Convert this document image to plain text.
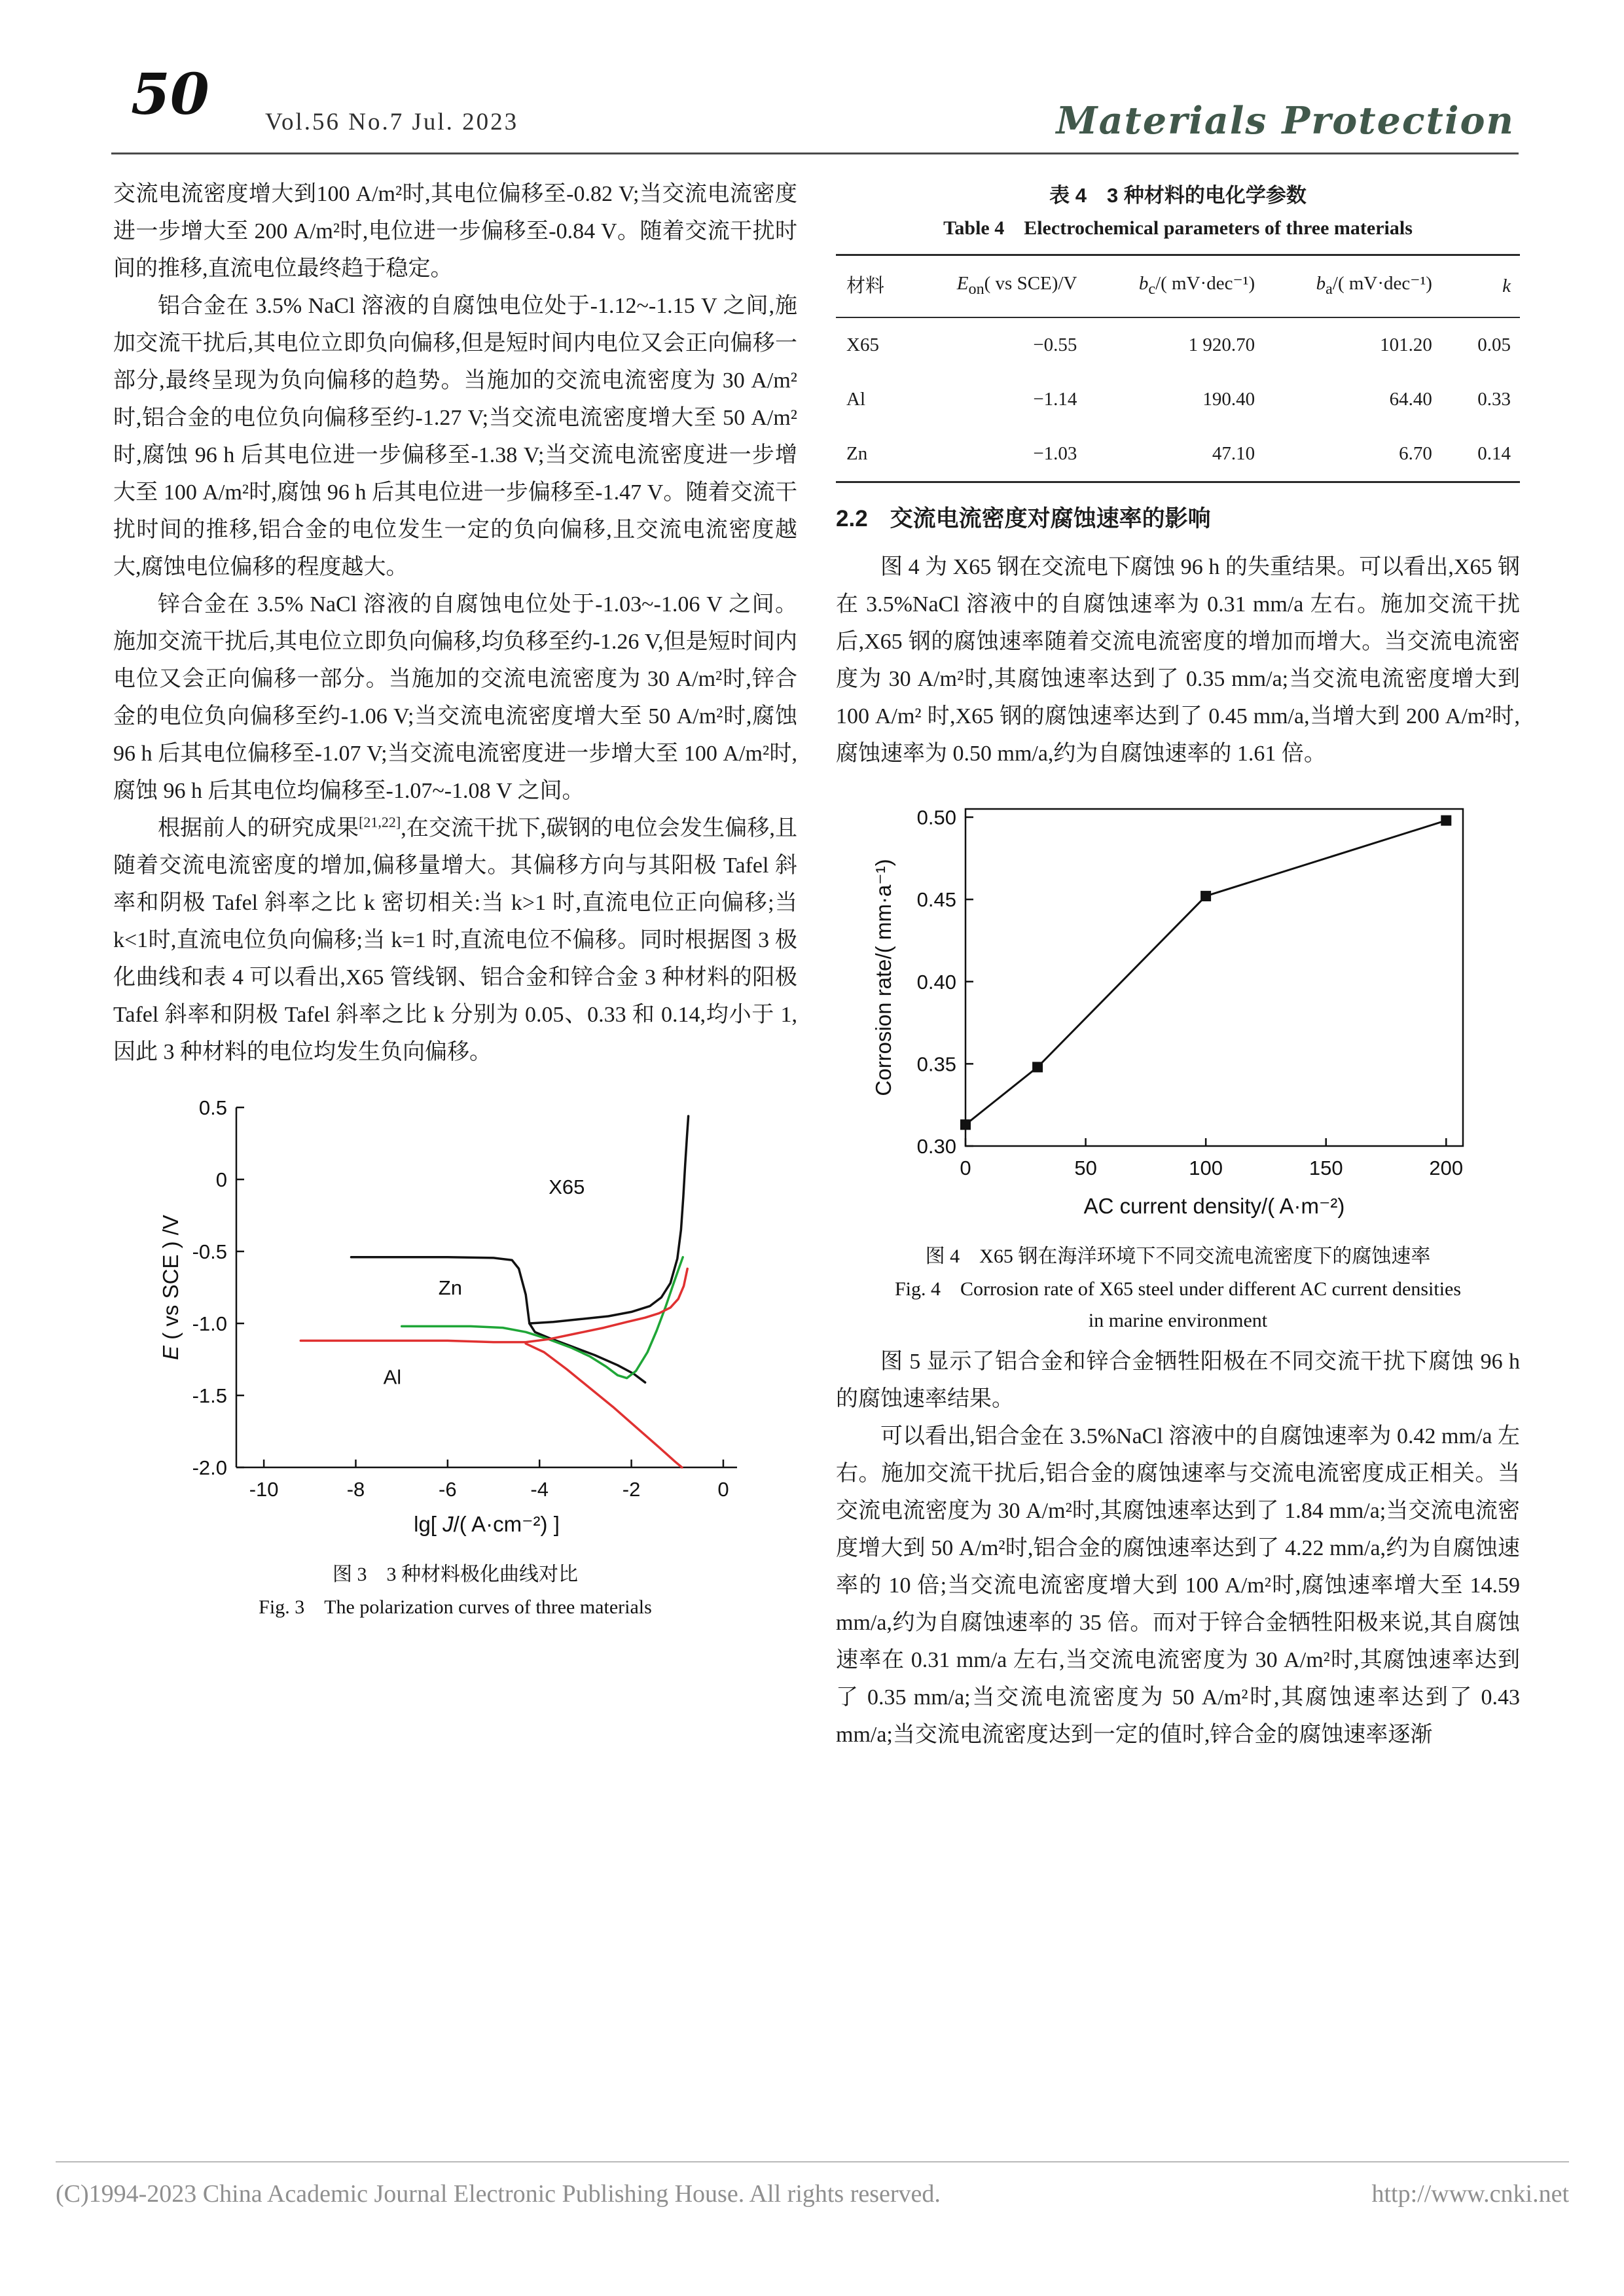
50 Vol.56 No.7 Jul. 2023	Materials Protection

交流电流密度增大到100 A/m²时,其电位偏移至-0.82 V;当交流电流密度进一步增大至 200 A/m²时,电位进一步偏移至-0.84 V。随着交流干扰时间的推移,直流电位最终趋于稳定。

铝合金在 3.5% NaCl 溶液的自腐蚀电位处于-1.12~-1.15 V 之间,施加交流干扰后,其电位立即负向偏移,但是短时间内电位又会正向偏移一部分,最终呈现为负向偏移的趋势。当施加的交流电流密度为 30 A/m²时,铝合金的电位负向偏移至约-1.27 V;当交流电流密度增大至 50 A/m²时,腐蚀 96 h 后其电位进一步偏移至-1.38 V;当交流电流密度进一步增大至 100 A/m²时,腐蚀 96 h 后其电位进一步偏移至-1.47 V。随着交流干扰时间的推移,铝合金的电位发生一定的负向偏移,且交流电流密度越大,腐蚀电位偏移的程度越大。

锌合金在 3.5% NaCl 溶液的自腐蚀电位处于-1.03~-1.06 V 之间。施加交流干扰后,其电位立即负向偏移,均负移至约-1.26 V,但是短时间内电位又会正向偏移一部分。当施加的交流电流密度为 30 A/m²时,锌合金的电位负向偏移至约-1.06 V;当交流电流密度增大至 50 A/m²时,腐蚀 96 h 后其电位偏移至-1.07 V;当交流电流密度进一步增大至 100 A/m²时,腐蚀 96 h 后其电位均偏移至-1.07~-1.08 V 之间。

根据前人的研究成果[21,22],在交流干扰下,碳钢的电位会发生偏移,且随着交流电流密度的增加,偏移量增大。其偏移方向与其阳极 Tafel 斜率和阴极 Tafel 斜率之比 k 密切相关:当 k>1 时,直流电位正向偏移;当 k<1时,直流电位负向偏移;当 k=1 时,直流电位不偏移。同时根据图 3 极化曲线和表 4 可以看出,X65 管线钢、铝合金和锌合金 3 种材料的阳极 Tafel 斜率和阴极 Tafel 斜率之比 k 分别为 0.05、0.33 和 0.14,均小于 1,因此 3 种材料的电位均发生负向偏移。

-10	-8	-6	-4	-2	0
0.5
0
-0.5
-1.0
-1.5
-2.0
lg[ J/( A·cm⁻²) ]
E ( vs SCE ) /V
X65
Zn
Al
图 3　3 种材料极化曲线对比
Fig. 3　The polarization curves of three materials
表 4　3 种材料的电化学参数
Table 4　Electrochemical parameters of three materials
材料	$E_{on}$( vs SCE)/V	$b_c/$( mV·dec⁻¹)	$b_a/$( mV·dec⁻¹)	k
X65	−0.55	1 920.70	101.20	0.05
Al	−1.14	190.40	64.40	0.33
Zn	−1.03	47.10	6.70	0.14
2.2 交流电流密度对腐蚀速率的影响

图 4 为 X65 钢在交流电下腐蚀 96 h 的失重结果。可以看出,X65 钢在 3.5%NaCl 溶液中的自腐蚀速率为 0.31 mm/a 左右。施加交流干扰后,X65 钢的腐蚀速率随着交流电流密度的增加而增大。当交流电流密度为 30 A/m²时,其腐蚀速率达到了 0.35 mm/a;当交流电流密度增大到 100 A/m² 时,X65 钢的腐蚀速率达到了 0.45 mm/a,当增大到 200 A/m²时,腐蚀速率为 0.50 mm/a,约为自腐蚀速率的 1.61 倍。

0	50	100	150	200
0.30
0.35
0.40
0.45
0.50
AC current density/( A·m⁻²)
Corrosion rate/( mm·a⁻¹)
图 4　X65 钢在海洋环境下不同交流电流密度下的腐蚀速率
Fig. 4　Corrosion rate of X65 steel under different AC current densities in marine environment

图 5 显示了铝合金和锌合金牺牲阳极在不同交流干扰下腐蚀 96 h 的腐蚀速率结果。

可以看出,铝合金在 3.5%NaCl 溶液中的自腐蚀速率为 0.42 mm/a 左右。施加交流干扰后,铝合金的腐蚀速率与交流电流密度成正相关。当交流电流密度为 30 A/m²时,其腐蚀速率达到了 1.84 mm/a;当交流电流密度增大到 50 A/m²时,铝合金的腐蚀速率达到了 4.22 mm/a,约为自腐蚀速率的 10 倍;当交流电流密度增大到 100 A/m²时,腐蚀速率增大至 14.59 mm/a,约为自腐蚀速率的 35 倍。而对于锌合金牺牲阳极来说,其自腐蚀速率在 0.31 mm/a 左右,当交流电流密度为 30 A/m²时,其腐蚀速率达到了 0.35 mm/a;当交流电流密度为 50 A/m²时,其腐蚀速率达到了 0.43 mm/a;当交流电流密度达到一定的值时,锌合金的腐蚀速率逐渐

(C)1994-2023 China Academic Journal Electronic Publishing House. All rights reserved.	http://www.cnki.net
